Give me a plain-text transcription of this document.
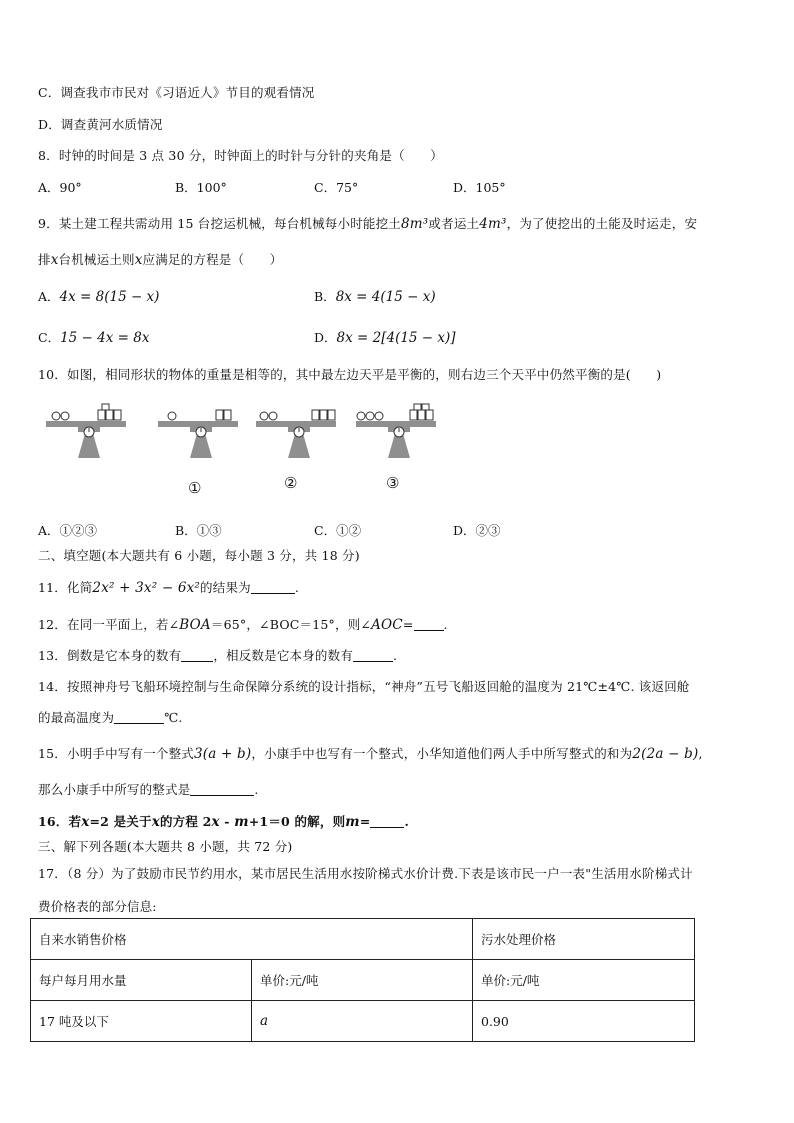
C．调查我市市民对《习语近人》节目的观看情况
D．调查黄河水质情况
8．时钟的时间是 3 点 30 分，时钟面上的时针与分针的夹角是（　　）
A．90°	B．100°	C．75°	D．105°
9．某土建工程共需动用 15 台挖运机械，每台机械每小时能挖土8m³或者运土4m³，为了使挖出的土能及时运走，安
排x台机械运土则x应满足的方程是（　　）
A．4x = 8(15 − x)	B．8x = 4(15 − x)
C．15 − 4x = 8x	D．8x = 2[4(15 − x)]
10．如图，相同形状的物体的重量是相等的，其中最左边天平是平衡的，则右边三个天平中仍然平衡的是(　　)
①	②	③
A．①②③	B．①③	C．①②	D．②③
二、填空题(本大题共有 6 小题，每小题 3 分，共 18 分)
11．化简2x² + 3x² − 6x²的结果为	.
12．在同一平面上，若∠BOA＝65°，∠BOC＝15°，则∠AOC= .
13．倒数是它本身的数有	，相反数是它本身的数有	.
14．按照神舟号飞船环境控制与生命保障分系统的设计指标，“神舟”五号飞船返回舱的温度为 21℃±4℃. 该返回舱
的最高温度为	℃.
15．小明手中写有一个整式3(a + b)，小康手中也写有一个整式，小华知道他们两人手中所写整式的和为2(2a − b),
那么小康手中所写的整式是	.
16．若x=2 是关于x的方程 2x - m+1＝0 的解，则m=	.
三、解下列各题(本大题共 8 小题，共 72 分)
17．（8 分）为了鼓励市民节约用水，某市居民生活用水按阶梯式水价计费.下表是该市民一户一表"生活用水阶梯式计
费价格表的部分信息:
自来水销售价格		污水处理价格
每户每月用水量	单价:元/吨	单价:元/吨
17 吨及以下	a	0.90
